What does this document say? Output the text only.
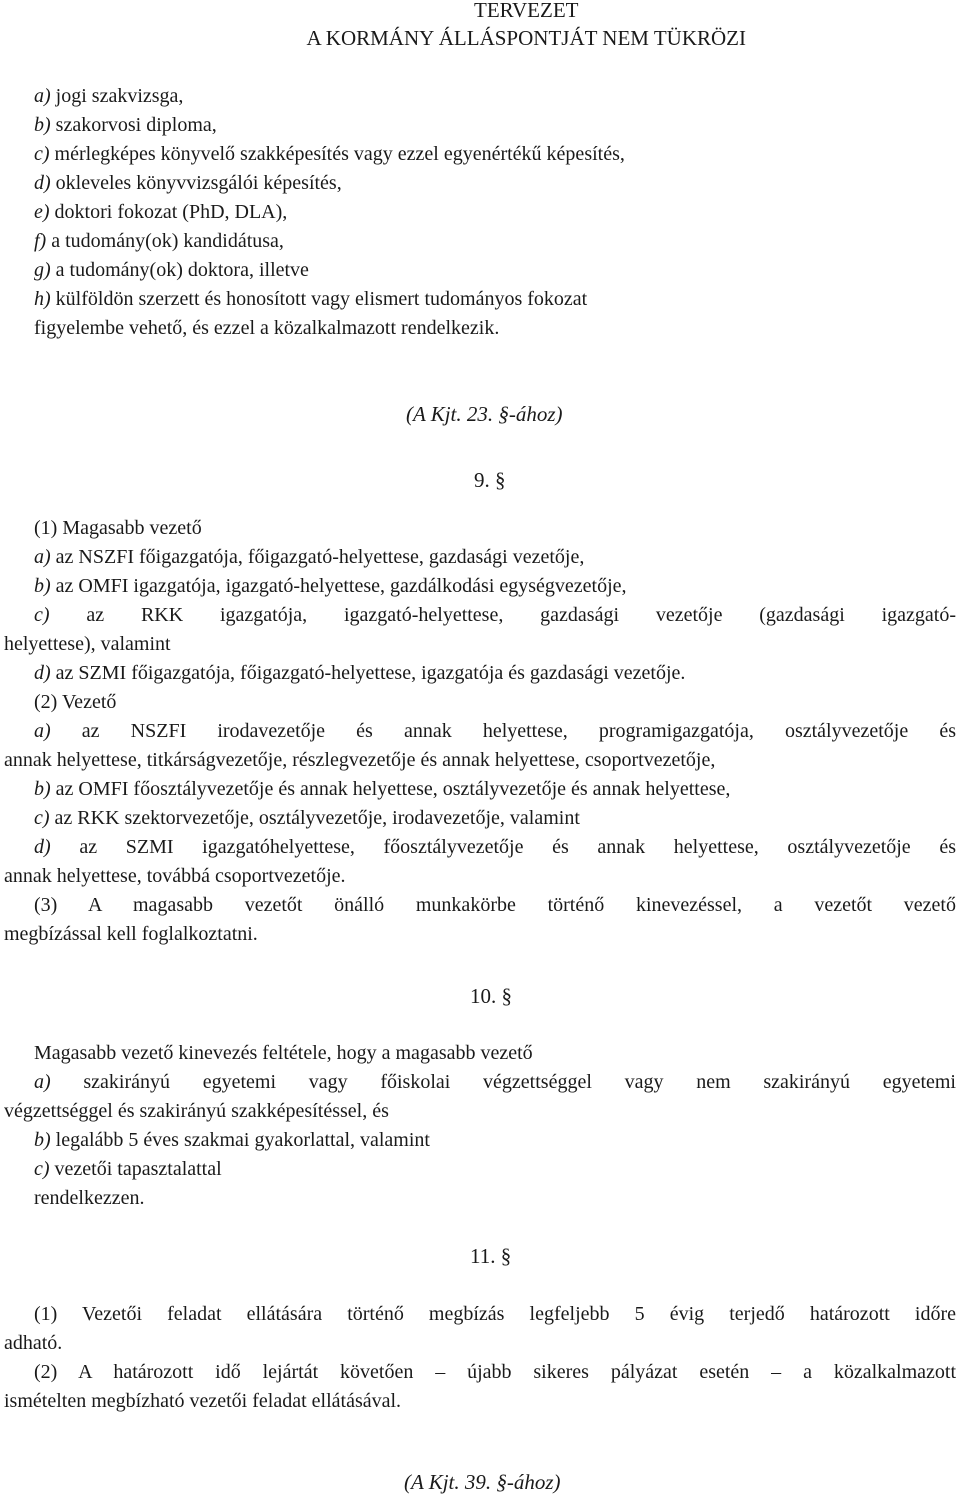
TERVEZET
A KORMÁNY ÁLLÁSPONTJÁT NEM TÜKRÖZI
a) jogi szakvizsga,
b) szakorvosi diploma,
c) mérlegképes könyvelő szakképesítés vagy ezzel egyenértékű képesítés,
d) okleveles könyvvizsgálói képesítés,
e) doktori fokozat (PhD, DLA),
f) a tudomány(ok) kandidátusa,
g) a tudomány(ok) doktora, illetve
h) külföldön szerzett és honosított vagy elismert tudományos fokozat
figyelembe vehető, és ezzel a közalkalmazott rendelkezik.
(A Kjt. 23. §-ához)
9. §
(1) Magasabb vezető
a) az NSZFI főigazgatója, főigazgató-helyettese, gazdasági vezetője,
b) az OMFI igazgatója, igazgató-helyettese, gazdálkodási egységvezetője,
c) az RKK igazgatója, igazgató-helyettese, gazdasági vezetője (gazdasági igazgató-
helyettese), valamint
d) az SZMI főigazgatója, főigazgató-helyettese, igazgatója és gazdasági vezetője.
(2) Vezető
a) az NSZFI irodavezetője és annak helyettese, programigazgatója, osztályvezetője és
annak helyettese, titkárságvezetője, részlegvezetője és annak helyettese, csoportvezetője,
b) az OMFI főosztályvezetője és annak helyettese, osztályvezetője és annak helyettese,
c) az RKK szektorvezetője, osztályvezetője, irodavezetője, valamint
d) az SZMI igazgatóhelyettese, főosztályvezetője és annak helyettese, osztályvezetője és
annak helyettese, továbbá csoportvezetője.
(3) A magasabb vezetőt önálló munkakörbe történő kinevezéssel, a vezetőt vezető
megbízással kell foglalkoztatni.
10. §
Magasabb vezető kinevezés feltétele, hogy a magasabb vezető
a) szakirányú egyetemi vagy főiskolai végzettséggel vagy nem szakirányú egyetemi
végzettséggel és szakirányú szakképesítéssel, és
b) legalább 5 éves szakmai gyakorlattal, valamint
c) vezetői tapasztalattal
rendelkezzen.
11. §
(1) Vezetői feladat ellátására történő megbízás legfeljebb 5 évig terjedő határozott időre
adható.
(2) A határozott idő lejártát követően – újabb sikeres pályázat esetén – a közalkalmazott
ismételten megbízható vezetői feladat ellátásával.
(A Kjt. 39. §-ához)
